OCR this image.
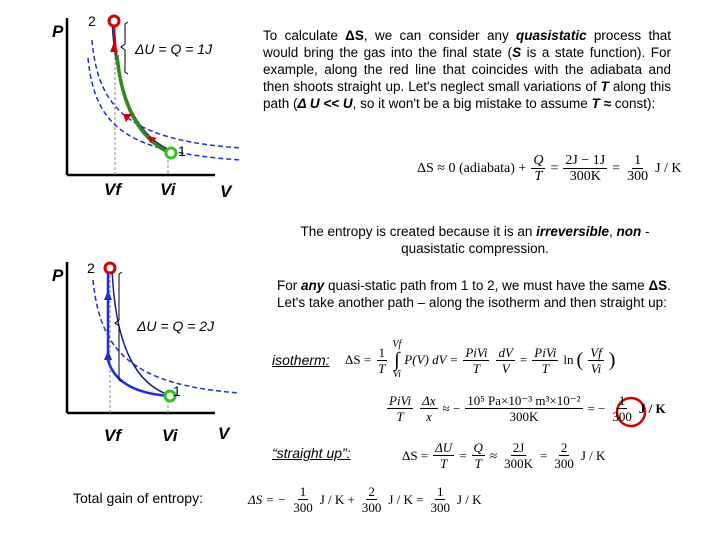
P
2
1
ΔU = Q = 1J
Vf Vi	V
P 2
1
ΔU = Q = 2J
Vf Vi V
To calculate ΔS, we can consider any quasistatic process that would bring the gas into the final state (S is a state function). For example, along the red line that coincides with the adiabata and then shoots straight up. Let's neglect small variations of T along this path (Δ U << U, so it won't be a big mistake to assume T ≈ const):
ΔS ≈ 0 (adiabata) + $\frac{Q}{T} = \frac{2J - 1J}{300K} = \frac{1}{300}$ J / K
The entropy is created because it is an irreversible, non -quasistatic compression.
For any quasi-static path from 1 to 2, we must have the same ΔS. Let's take another path – along the isotherm and then straight up:
isotherm: $\Delta S = \frac{1}{T}$ Vf
∫
Vi
P(V) dV = $\frac{\text{PiVi}}{T} \frac{dV}{V} = \frac{\text{PiVi}}{T}$ ln ( $\frac{Vf}{Vi}$ )
$\frac{\text{PiVi}}{T} \frac{\Delta x}{x}$ ≈ − $\frac{\text{10⁵ Pa×10⁻³ m³×10⁻²}}{300K}$ = − $\frac{1}{300}$ J / K
“straight up”:	$\Delta S = \frac{\Delta U}{T} = \frac{Q}{T} \approx \frac{2J}{300K} = \frac{2}{300}$ J / K
Total gain of entropy:	ΔS = − $\frac{1}{300}$ $J / K + \frac{2}{300}$ $J / K = \frac{1}{300}$ J / K
